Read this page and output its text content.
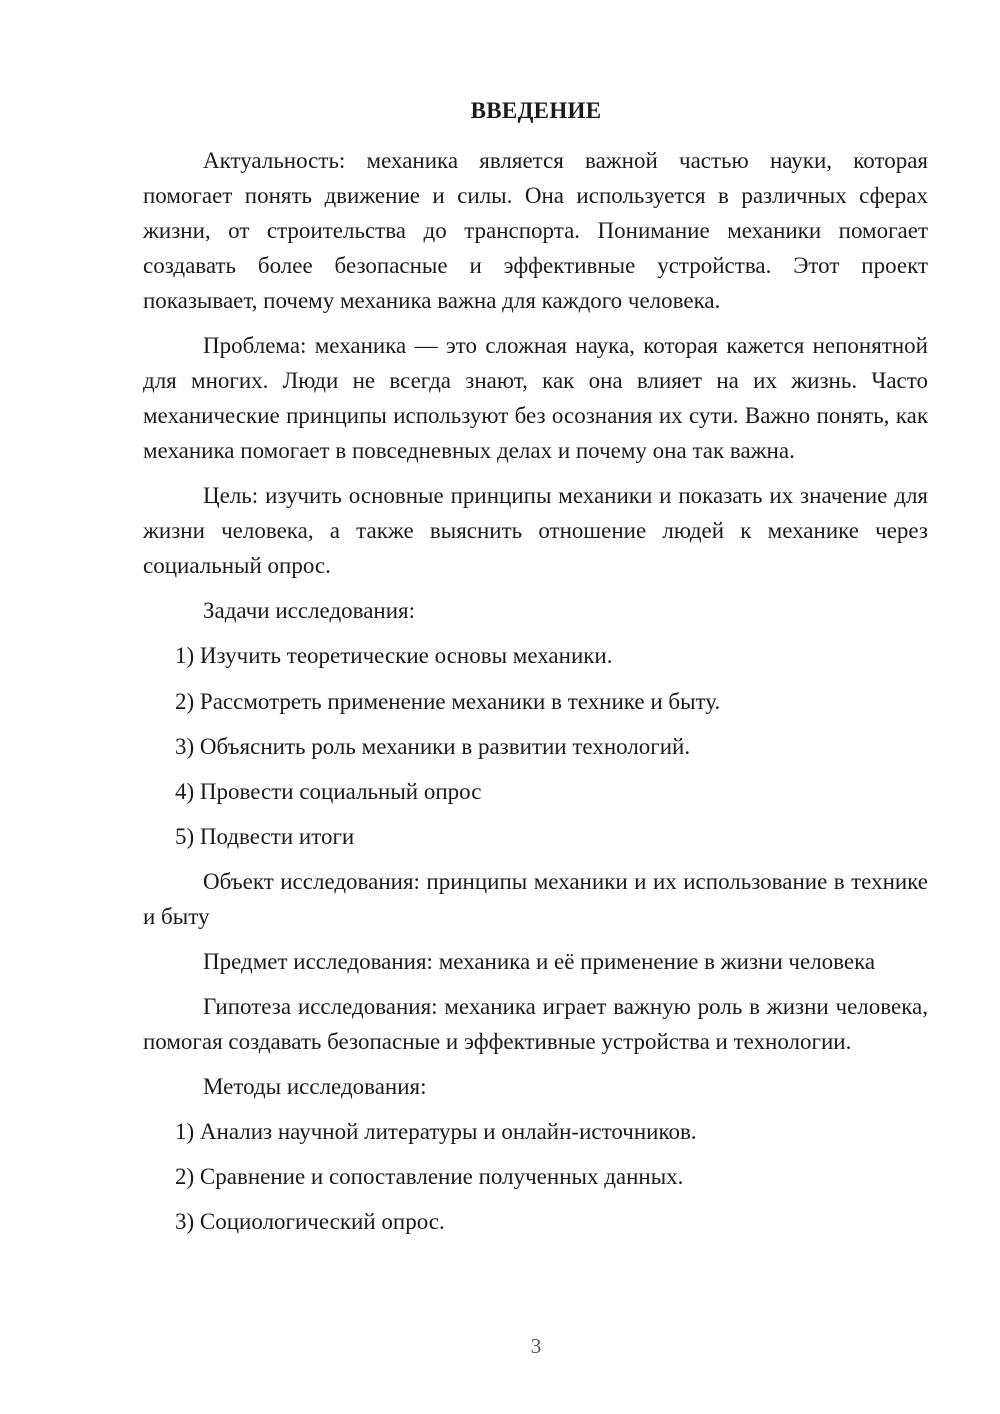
ВВЕДЕНИЕ

Актуальность: механика является важной частью науки, которая помогает понять движение и силы. Она используется в различных сферах жизни, от строительства до транспорта. Понимание механики помогает создавать более безопасные и эффективные устройства. Этот проект показывает, почему механика важна для каждого человека.

Проблема: механика — это сложная наука, которая кажется непонятной для многих. Люди не всегда знают, как она влияет на их жизнь. Часто механические принципы используют без осознания их сути. Важно понять, как механика помогает в повседневных делах и почему она так важна.

Цель: изучить основные принципы механики и показать их значение для жизни человека, а также выяснить отношение людей к механике через социальный опрос.

Задачи исследования:

1) Изучить теоретические основы механики.

2) Рассмотреть применение механики в технике и быту.

3) Объяснить роль механики в развитии технологий.

4) Провести социальный опрос

5) Подвести итоги

Объект исследования: принципы механики и их использование в технике и быту

Предмет исследования: механика и её применение в жизни человека

Гипотеза исследования: механика играет важную роль в жизни человека, помогая создавать безопасные и эффективные устройства и технологии.

Методы исследования:

1) Анализ научной литературы и онлайн-источников.

2) Сравнение и сопоставление полученных данных.

3) Социологический опрос.

3
